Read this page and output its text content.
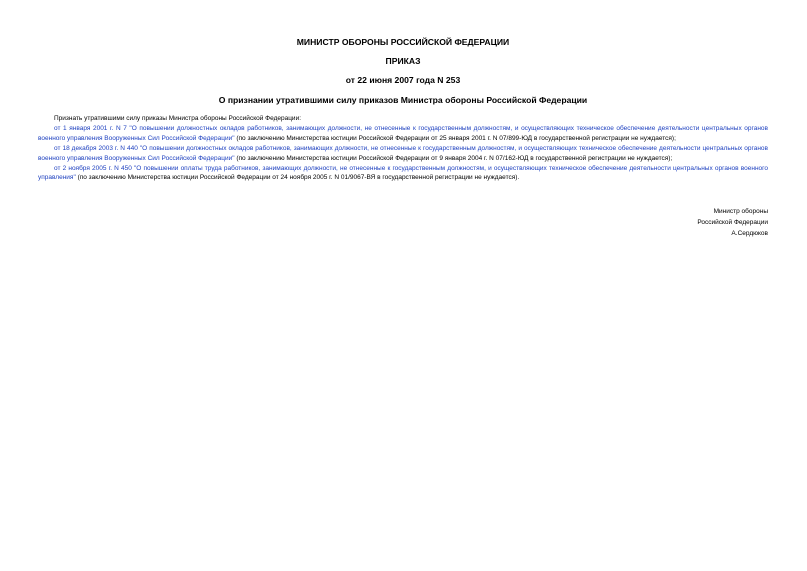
МИНИСТР ОБОРОНЫ РОССИЙСКОЙ ФЕДЕРАЦИИ
ПРИКАЗ
от 22 июня 2007 года N 253
О признании утратившими силу приказов Министра обороны Российской Федерации

Признать утратившими силу приказы Министра обороны Российской Федерации:

от 1 января 2001 г. N 7 "О повышении должностных окладов работников, занимающих должности, не отнесенные к государственным должностям, и осуществляющих техническое обеспечение деятельности центральных органов военного управления Вооруженных Сил Российской Федерации" (по заключению Министерства юстиции Российской Федерации от 25 января 2001 г. N 07/899-ЮД в государственной регистрации не нуждается);

от 18 декабря 2003 г. N 440 "О повышении должностных окладов работников, занимающих должности, не отнесенные к государственным должностям, и осуществляющих техническое обеспечение деятельности центральных органов военного управления Вооруженных Сил Российской Федерации" (по заключению Министерства юстиции Российской Федерации от 9 января 2004 г. N 07/162-ЮД в государственной регистрации не нуждается);

от 2 ноября 2005 г. N 450 "О повышении оплаты труда работников, занимающих должности, не отнесенные к государственным должностям, и осуществляющих техническое обеспечение деятельности центральных органов военного управления" (по заключению Министерства юстиции Российской Федерации от 24 ноября 2005 г. N 01/9067-ВЯ в государственной регистрации не нуждается).

Министр обороны
Российской Федерации
А.Сердюков
